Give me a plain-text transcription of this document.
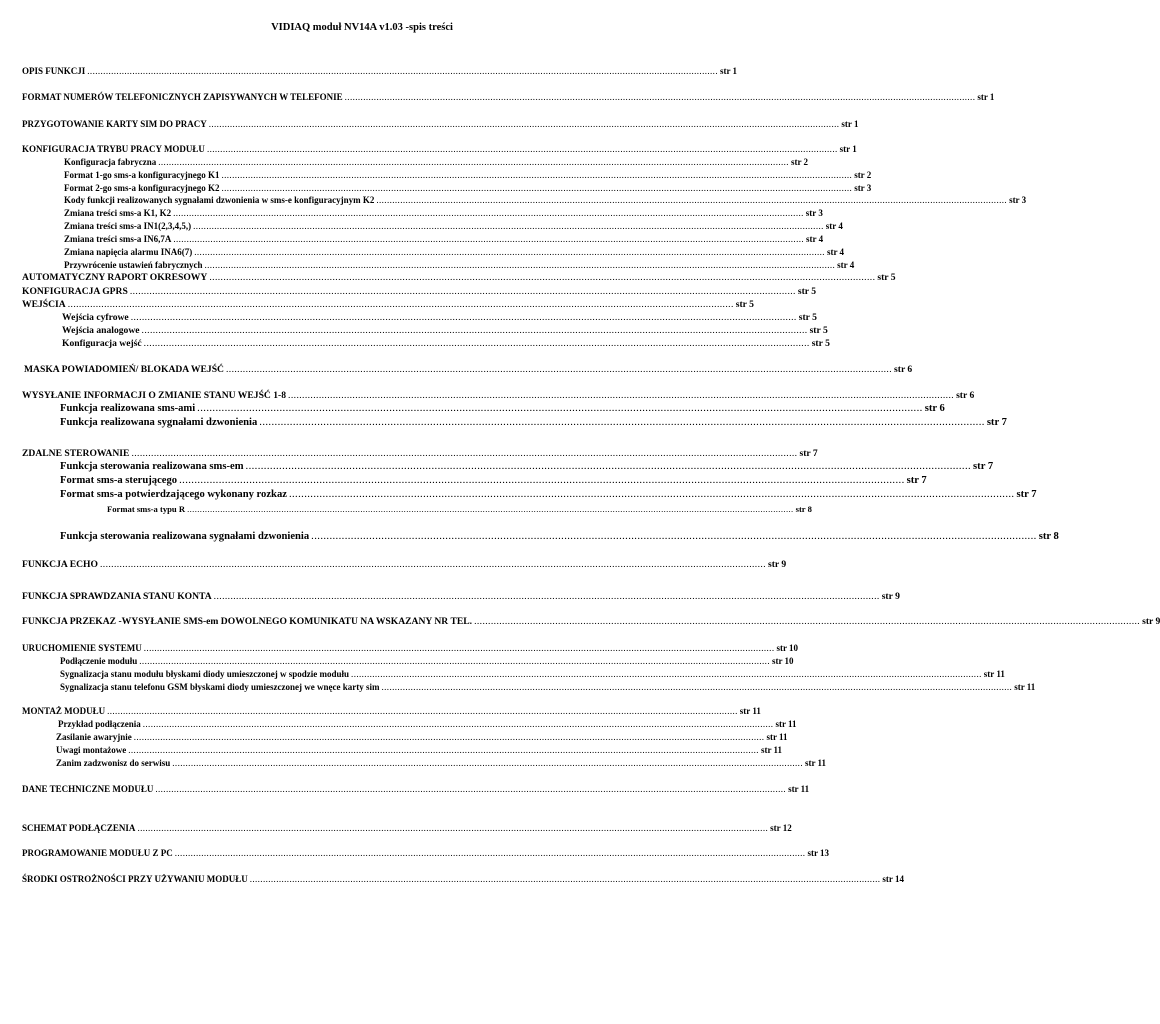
VIDIAQ moduł NV14A v1.03 -spis treści
OPIS FUNKCJI .............................................................................................................................................................................................................................................. str 1
FORMAT NUMERÓW TELEFONICZNYCH ZAPISYWANYCH W TELEFONIE .............................................................................................................................................................................................................................................. str 1
PRZYGOTOWANIE KARTY SIM DO PRACY .............................................................................................................................................................................................................................................. str 1
KONFIGURACJA TRYBU PRACY MODUŁU .............................................................................................................................................................................................................................................. str 1
Konfiguracja fabryczna .............................................................................................................................................................................................................................................. str 2
Format 1-go sms-a konfiguracyjnego K1 .............................................................................................................................................................................................................................................. str 2
Format 2-go sms-a konfiguracyjnego K2 .............................................................................................................................................................................................................................................. str 3
Kody funkcji realizowanych sygnałami dzwonienia w sms-e konfiguracyjnym K2 .............................................................................................................................................................................................................................................. str 3
Zmiana treści sms-a K1, K2 .............................................................................................................................................................................................................................................. str 3
Zmiana treści sms-a IN1(2,3,4,5,) .............................................................................................................................................................................................................................................. str 4
Zmiana treści sms-a IN6,7A .............................................................................................................................................................................................................................................. str 4
Zmiana napięcia alarmu INA6(7) .............................................................................................................................................................................................................................................. str 4
Przywrócenie ustawień fabrycznych .............................................................................................................................................................................................................................................. str 4
AUTOMATYCZNY RAPORT OKRESOWY .............................................................................................................................................................................................................................................. str 5
KONFIGURACJA GPRS .............................................................................................................................................................................................................................................. str 5
WEJŚCIA .............................................................................................................................................................................................................................................. str 5
Wejścia cyfrowe .............................................................................................................................................................................................................................................. str 5
Wejścia analogowe .............................................................................................................................................................................................................................................. str 5
Konfiguracja wejść .............................................................................................................................................................................................................................................. str 5
MASKA POWIADOMIEŃ/ BLOKADA WEJŚĆ .............................................................................................................................................................................................................................................. str 6
WYSYŁANIE INFORMACJI O ZMIANIE STANU WEJŚĆ 1-8 .............................................................................................................................................................................................................................................. str 6
Funkcja realizowana sms-ami .............................................................................................................................................................................................................................................. str 6
Funkcja realizowana sygnałami dzwonienia .............................................................................................................................................................................................................................................. str 7
ZDALNE STEROWANIE .............................................................................................................................................................................................................................................. str 7
Funkcja sterowania realizowana sms-em .............................................................................................................................................................................................................................................. str 7
Format sms-a sterującego .............................................................................................................................................................................................................................................. str 7
Format sms-a potwierdzającego wykonany rozkaz .............................................................................................................................................................................................................................................. str 7
Format sms-a typu R .............................................................................................................................................................................................................................................. str 8
Funkcja sterowania realizowana sygnałami dzwonienia .............................................................................................................................................................................................................................................. str 8
FUNKCJA ECHO .............................................................................................................................................................................................................................................. str 9
FUNKCJA SPRAWDZANIA STANU KONTA .............................................................................................................................................................................................................................................. str 9
FUNKCJA PRZEKAZ -WYSYŁANIE SMS-em DOWOLNEGO KOMUNIKATU NA WSKAZANY NR TEL. .............................................................................................................................................................................................................................................. str 9
URUCHOMIENIE SYSTEMU .............................................................................................................................................................................................................................................. str 10
Podłączenie modułu .............................................................................................................................................................................................................................................. str 10
Sygnalizacja stanu modułu błyskami diody umieszczonej w spodzie modułu .............................................................................................................................................................................................................................................. str 11
Sygnalizacja stanu telefonu GSM błyskami diody umieszczonej we wnęce karty sim .............................................................................................................................................................................................................................................. str 11
MONTAŻ MODUŁU .............................................................................................................................................................................................................................................. str 11
Przykład podłączenia .............................................................................................................................................................................................................................................. str 11
Zasilanie awaryjnie .............................................................................................................................................................................................................................................. str 11
Uwagi montażowe .............................................................................................................................................................................................................................................. str 11
Zanim zadzwonisz do serwisu .............................................................................................................................................................................................................................................. str 11
DANE TECHNICZNE MODUŁU .............................................................................................................................................................................................................................................. str 11
SCHEMAT PODŁĄCZENIA .............................................................................................................................................................................................................................................. str 12
PROGRAMOWANIE MODUŁU Z PC .............................................................................................................................................................................................................................................. str 13
ŚRODKI OSTROŻNOŚCI PRZY UŻYWANIU MODUŁU .............................................................................................................................................................................................................................................. str 14
